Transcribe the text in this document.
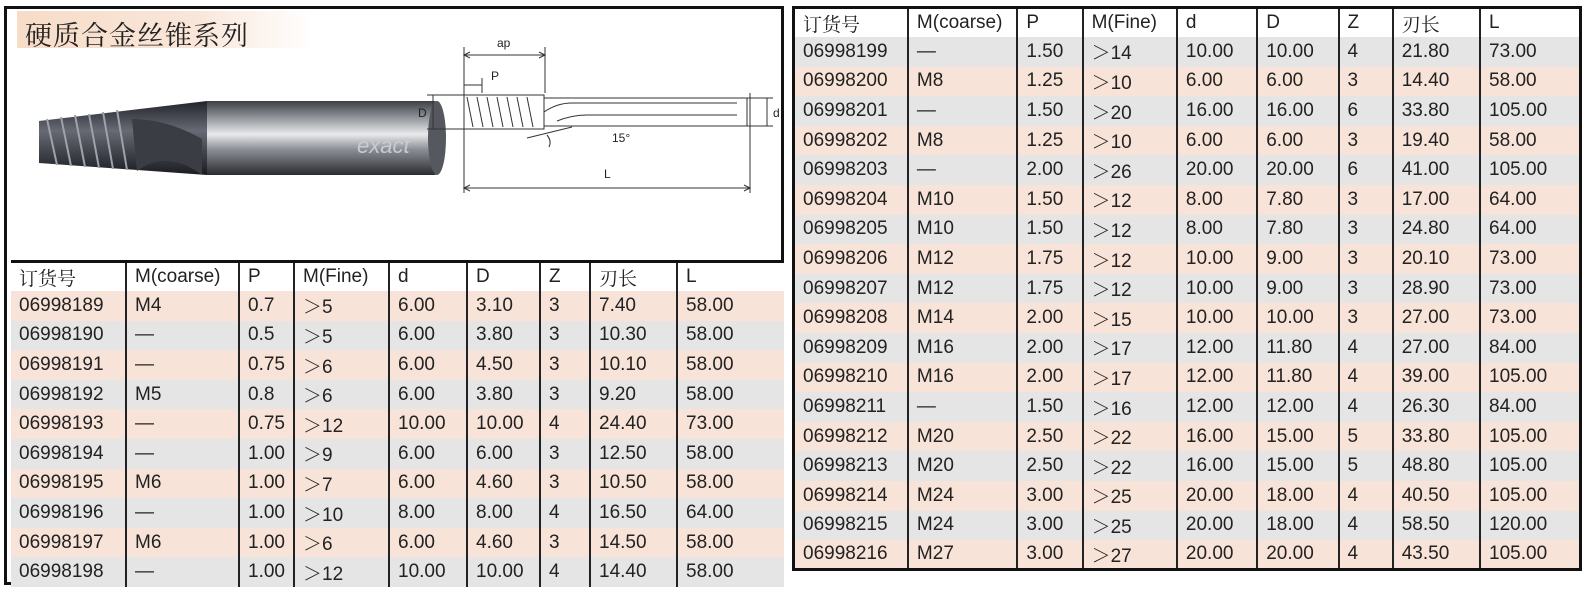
硬质合金丝锥系列
exact
ap
P
D	d
15°
L
订货号	M(coarse)	P	M(Fine)	d	D	Z	刃长	L
06998189	M4	0.7	＞5	6.00	3.10	3	7.40	58.00
06998190	—	0.5	＞5	6.00	3.80	3	10.30	58.00
06998191	—	0.75	＞6	6.00	4.50	3	10.10	58.00
06998192	M5	0.8	＞6	6.00	3.80	3	9.20	58.00
06998193	—	0.75	＞12	10.00	10.00	4	24.40	73.00
06998194	—	1.00	＞9	6.00	6.00	3	12.50	58.00
06998195	M6	1.00	＞7	6.00	4.60	3	10.50	58.00
06998196	—	1.00	＞10	8.00	8.00	4	16.50	64.00
06998197	M6	1.00	＞6	6.00	4.60	3	14.50	58.00
06998198	—	1.00	＞12	10.00	10.00	4	14.40	58.00
订货号	M(coarse)	P	M(Fine)	d	D	Z	刃长	L
06998199	—	1.50	＞14	10.00	10.00	4	21.80	73.00
06998200	M8	1.25	＞10	6.00	6.00	3	14.40	58.00
06998201	—	1.50	＞20	16.00	16.00	6	33.80	105.00
06998202	M8	1.25	＞10	6.00	6.00	3	19.40	58.00
06998203	—	2.00	＞26	20.00	20.00	6	41.00	105.00
06998204	M10	1.50	＞12	8.00	7.80	3	17.00	64.00
06998205	M10	1.50	＞12	8.00	7.80	3	24.80	64.00
06998206	M12	1.75	＞12	10.00	9.00	3	20.10	73.00
06998207	M12	1.75	＞12	10.00	9.00	3	28.90	73.00
06998208	M14	2.00	＞15	10.00	10.00	3	27.00	73.00
06998209	M16	2.00	＞17	12.00	11.80	4	27.00	84.00
06998210	M16	2.00	＞17	12.00	11.80	4	39.00	105.00
06998211	—	1.50	＞16	12.00	12.00	4	26.30	84.00
06998212	M20	2.50	＞22	16.00	15.00	5	33.80	105.00
06998213	M20	2.50	＞22	16.00	15.00	5	48.80	105.00
06998214	M24	3.00	＞25	20.00	18.00	4	40.50	105.00
06998215	M24	3.00	＞25	20.00	18.00	4	58.50	120.00
06998216	M27	3.00	＞27	20.00	20.00	4	43.50	105.00
